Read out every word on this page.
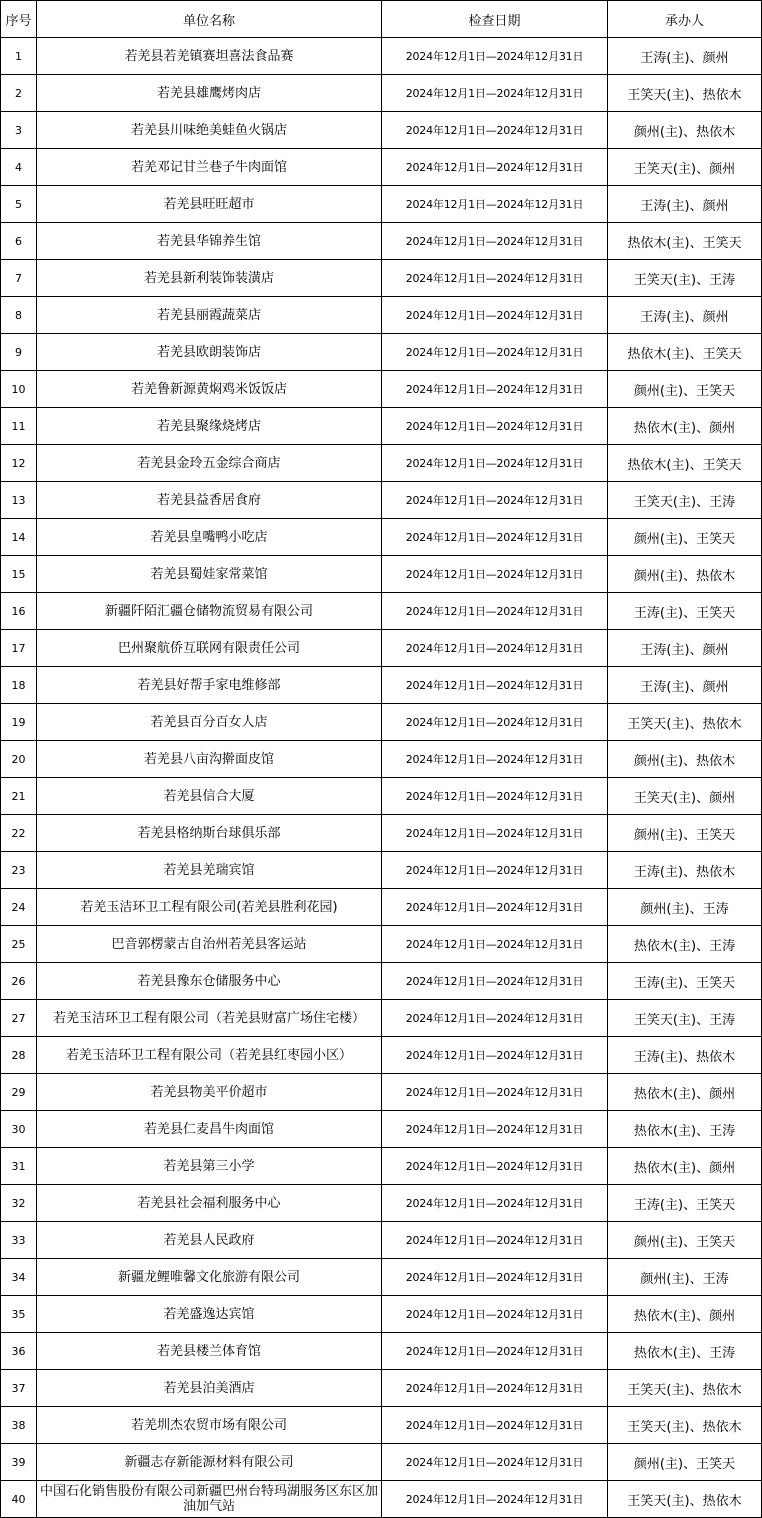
序号	单位名称	检查日期	承办人
1	若羌县若羌镇赛坦喜法食品赛	2024年12月1日—2024年12月31日	王涛(主)、颜州
2	若羌县雄鹰烤肉店	2024年12月1日—2024年12月31日	王笑天(主)、热依木
3	若羌县川味绝美蛙鱼火锅店	2024年12月1日—2024年12月31日	颜州(主)、热依木
4	若羌邓记甘兰巷子牛肉面馆	2024年12月1日—2024年12月31日	王笑天(主)、颜州
5	若羌县旺旺超市	2024年12月1日—2024年12月31日	王涛(主)、颜州
6	若羌县华锦养生馆	2024年12月1日—2024年12月31日	热依木(主)、王笑天
7	若羌县新利装饰装潢店	2024年12月1日—2024年12月31日	王笑天(主)、王涛
8	若羌县丽霞蔬菜店	2024年12月1日—2024年12月31日	王涛(主)、颜州
9	若羌县欧朗装饰店	2024年12月1日—2024年12月31日	热依木(主)、王笑天
10	若羌鲁新源黄焖鸡米饭饭店	2024年12月1日—2024年12月31日	颜州(主)、王笑天
11	若羌县聚缘烧烤店	2024年12月1日—2024年12月31日	热依木(主)、颜州
12	若羌县金玲五金综合商店	2024年12月1日—2024年12月31日	热依木(主)、王笑天
13	若羌县益香居食府	2024年12月1日—2024年12月31日	王笑天(主)、王涛
14	若羌县皇嘴鸭小吃店	2024年12月1日—2024年12月31日	颜州(主)、王笑天
15	若羌县蜀娃家常菜馆	2024年12月1日—2024年12月31日	颜州(主)、热依木
16	新疆阡陌汇疆仓储物流贸易有限公司	2024年12月1日—2024年12月31日	王涛(主)、王笑天
17	巴州聚航侨互联网有限责任公司	2024年12月1日—2024年12月31日	王涛(主)、颜州
18	若羌县好帮手家电维修部	2024年12月1日—2024年12月31日	王涛(主)、颜州
19	若羌县百分百女人店	2024年12月1日—2024年12月31日	王笑天(主)、热依木
20	若羌县八亩沟擀面皮馆	2024年12月1日—2024年12月31日	颜州(主)、热依木
21	若羌县信合大厦	2024年12月1日—2024年12月31日	王笑天(主)、颜州
22	若羌县格纳斯台球俱乐部	2024年12月1日—2024年12月31日	颜州(主)、王笑天
23	若羌县羌瑞宾馆	2024年12月1日—2024年12月31日	王涛(主)、热依木
24	若羌玉洁环卫工程有限公司(若羌县胜利花园)	2024年12月1日—2024年12月31日	颜州(主)、王涛
25	巴音郭楞蒙古自治州若羌县客运站	2024年12月1日—2024年12月31日	热依木(主)、王涛
26	若羌县豫东仓储服务中心	2024年12月1日—2024年12月31日	王涛(主)、王笑天
27	若羌玉洁环卫工程有限公司（若羌县财富广场住宅楼）	2024年12月1日—2024年12月31日	王笑天(主)、王涛
28	若羌玉洁环卫工程有限公司（若羌县红枣园小区）	2024年12月1日—2024年12月31日	王涛(主)、热依木
29	若羌县物美平价超市	2024年12月1日—2024年12月31日	热依木(主)、颜州
30	若羌县仁麦昌牛肉面馆	2024年12月1日—2024年12月31日	热依木(主)、王涛
31	若羌县第三小学	2024年12月1日—2024年12月31日	热依木(主)、颜州
32	若羌县社会福利服务中心	2024年12月1日—2024年12月31日	王涛(主)、王笑天
33	若羌县人民政府	2024年12月1日—2024年12月31日	颜州(主)、王笑天
34	新疆龙鲤唯馨文化旅游有限公司	2024年12月1日—2024年12月31日	颜州(主)、王涛
35	若羌盛逸达宾馆	2024年12月1日—2024年12月31日	热依木(主)、颜州
36	若羌县楼兰体育馆	2024年12月1日—2024年12月31日	热依木(主)、王涛
37	若羌县泊美酒店	2024年12月1日—2024年12月31日	王笑天(主)、热依木
38	若羌圳杰农贸市场有限公司	2024年12月1日—2024年12月31日	王笑天(主)、热依木
39	新疆志存新能源材料有限公司	2024年12月1日—2024年12月31日	颜州(主)、王笑天
40	中国石化销售股份有限公司新疆巴州台特玛湖服务区东区加油加气站	2024年12月1日—2024年12月31日	王笑天(主)、热依木
